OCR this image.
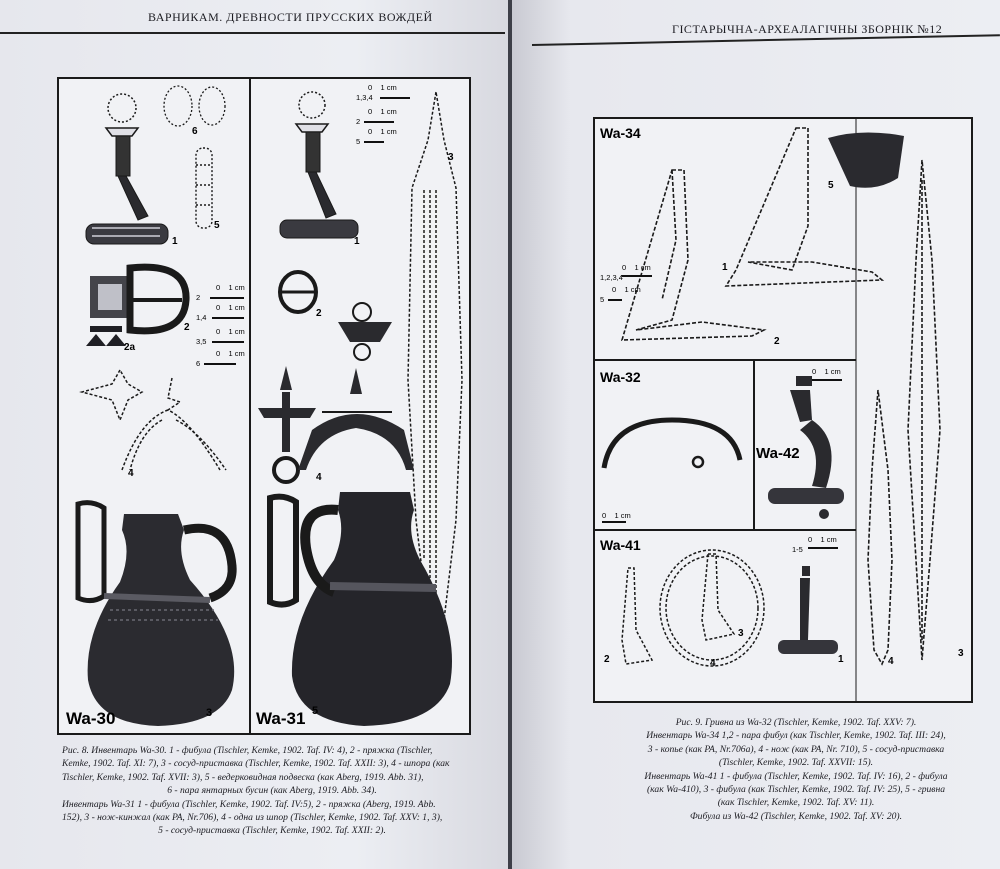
ВАРНИКАМ. ДРЕВНОСТИ ПРУССКИХ ВОЖДЕЙ
1
2
2a
4
5
6
3
1
2
3
4
5
2
0    1 cm
1,4
0    1 cm
3,5
0    1 cm
6
0    1 cm
1,3,4
0    1 cm
2
0    1 cm
5
0    1 cm
Wa-30	Wa-31

Рис. 8. Инвентарь Wa-30. 1 - фибула (Tischler, Kemke, 1902. Taf. IV: 4), 2 - пряжка (Tischler,

Kemke, 1902. Taf. XI: 7), 3 - сосуд-приставка (Tischler, Kemke, 1902. Taf. XXII: 3), 4 - шпора (как

Tischler, Kemke, 1902. Taf. XVII: 3), 5 - ведерковидная подвеска (как Aberg, 1919. Abb. 31),

6 - пара янтарных бусин (как Aberg, 1919. Abb. 34).

Инвентарь Wa-31 1 - фибула (Tischler, Kemke, 1902. Taf. IV:5), 2 - пряжка (Aberg, 1919. Abb.

152), 3 - нож-кинжал (как PA, Nr.706), 4 - одна из шпор (Tischler, Kemke, 1902. Taf. XXV: 1, 3),

5 - сосуд-приставка (Tischler, Kemke, 1902. Taf. XXII: 2).

ГІСТАРЫЧНА-АРХЕАЛАГІЧНЫ ЗБОРНІК №12
1
2
4
5
3
1
2
3
4
1,2,3,4
0    1 cm
5
0    1 cm
0    1 cm
0    1 cm
1-5
0    1 cm
Wa-34
Wa-32
Wa-42
Wa-41

Рис. 9. Гривна из Wa-32 (Tischler, Kemke, 1902. Taf. XXV: 7).

Инвентарь Wa-34 1,2 - пара фибул (как Tischler, Kemke, 1902. Taf. III: 24),

3 - копье (как PA, Nr.706a), 4 - нож (как PA, Nr. 710), 5 - сосуд-приставка

(Tischler, Kemke, 1902. Taf. XXVII: 15).

Инвентарь Wa-41 1 - фибула (Tischler, Kemke, 1902. Taf. IV: 16), 2 - фибула

(как Wa-410), 3 - фибула (как Tischler, Kemke, 1902. Taf. IV: 25), 5 - гривна

(как Tischler, Kemke, 1902. Taf. XV: 11).

Фибула из Wa-42 (Tischler, Kemke, 1902. Taf. XV: 20).
